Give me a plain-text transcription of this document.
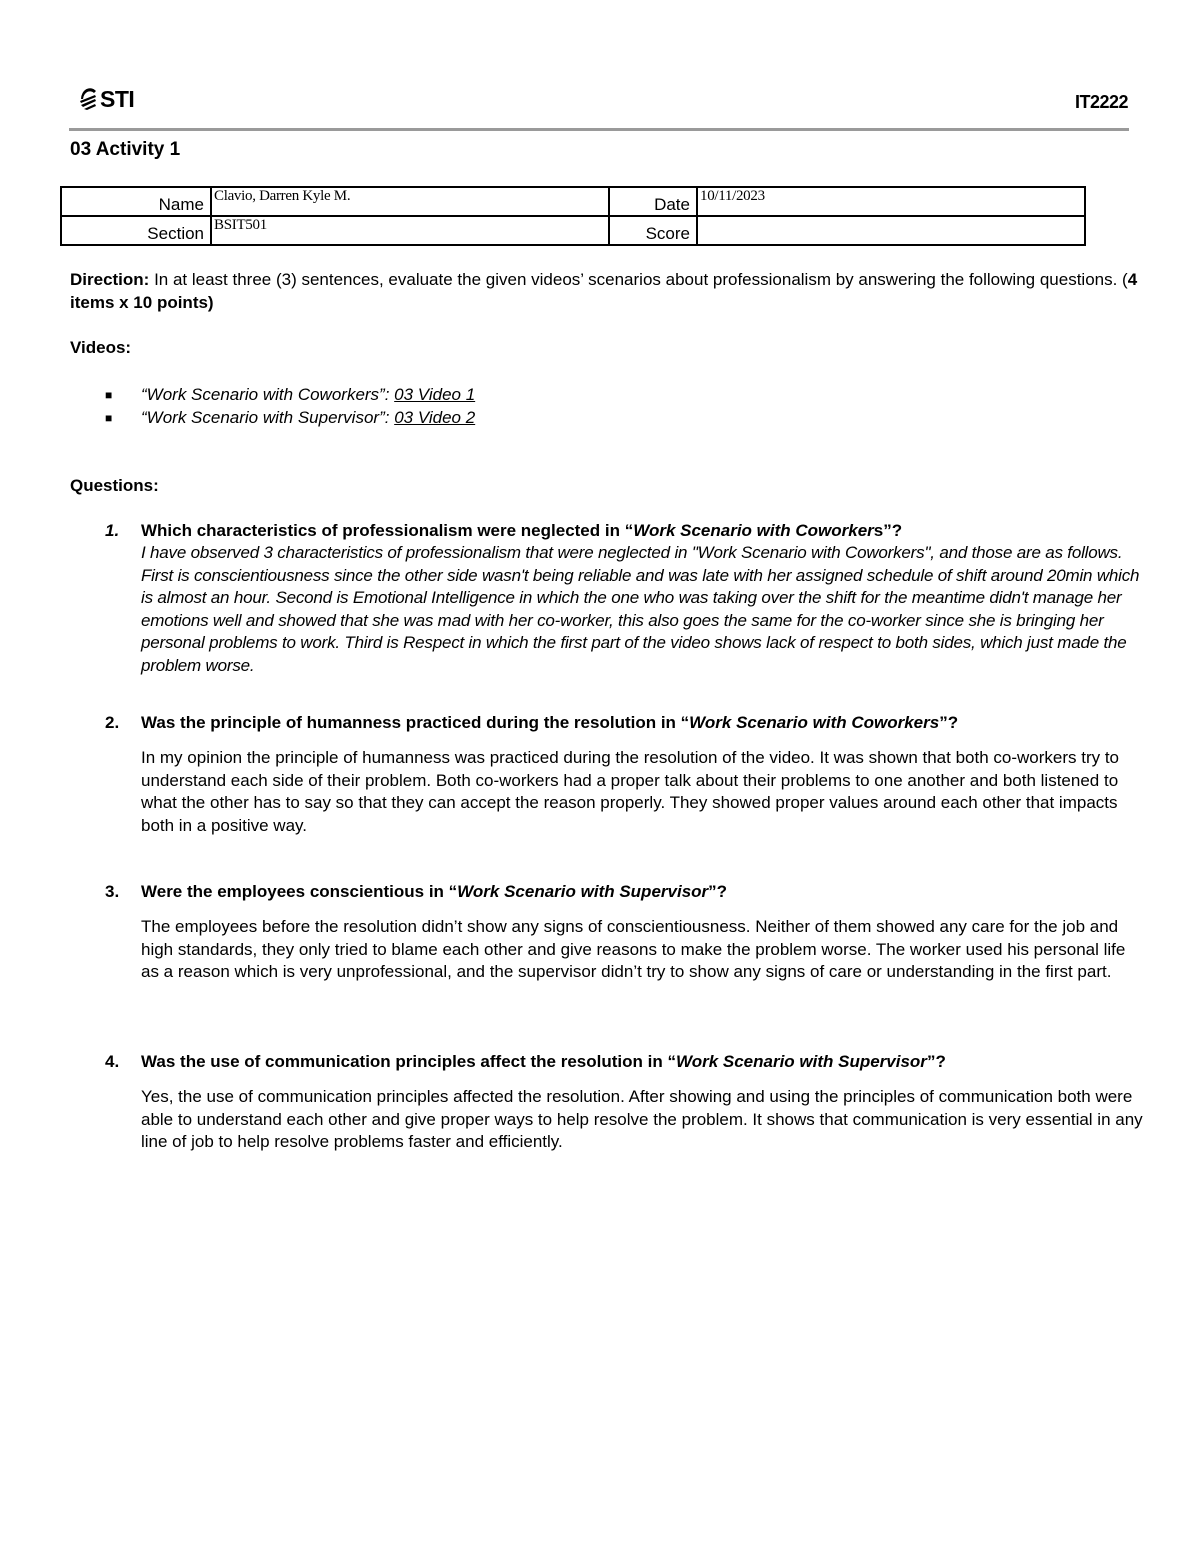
STI	IT2222
03 Activity 1
Name	Clavio, Darren Kyle M.	Date	10/11/2023
Section	BSIT501	Score	
Direction: In at least three (3) sentences, evaluate the given videos’ scenarios about professionalism by answering the following questions. (4 items x 10 points)
Videos:
■ “Work Scenario with Coworkers”: 03 Video 1
■ “Work Scenario with Supervisor”: 03 Video 2
Questions:
1. Which characteristics of professionalism were neglected in “Work Scenario with Coworkers”?
I have observed 3 characteristics of professionalism that were neglected in "Work Scenario with Coworkers", and those are as follows. First is conscientiousness since the other side wasn't being reliable and was late with her assigned schedule of shift around 20min which is almost an hour. Second is Emotional Intelligence in which the one who was taking over the shift for the meantime didn't manage her emotions well and showed that she was mad with her co-worker, this also goes the same for the co-worker since she is bringing her personal problems to work. Third is Respect in which the first part of the video shows lack of respect to both sides, which just made the problem worse.
2. Was the principle of humanness practiced during the resolution in “Work Scenario with Coworkers”?
In my opinion the principle of humanness was practiced during the resolution of the video. It was shown that both co-workers try to understand each side of their problem. Both co-workers had a proper talk about their problems to one another and both listened to what the other has to say so that they can accept the reason properly. They showed proper values around each other that impacts both in a positive way.
3. Were the employees conscientious in “Work Scenario with Supervisor”?
The employees before the resolution didn’t show any signs of conscientiousness. Neither of them showed any care for the job and high standards, they only tried to blame each other and give reasons to make the problem worse. The worker used his personal life as a reason which is very unprofessional, and the supervisor didn’t try to show any signs of care or understanding in the first part.
4. Was the use of communication principles affect the resolution in “Work Scenario with Supervisor”?
Yes, the use of communication principles affected the resolution. After showing and using the principles of communication both were able to understand each other and give proper ways to help resolve the problem. It shows that communication is very essential in any line of job to help resolve problems faster and efficiently.
